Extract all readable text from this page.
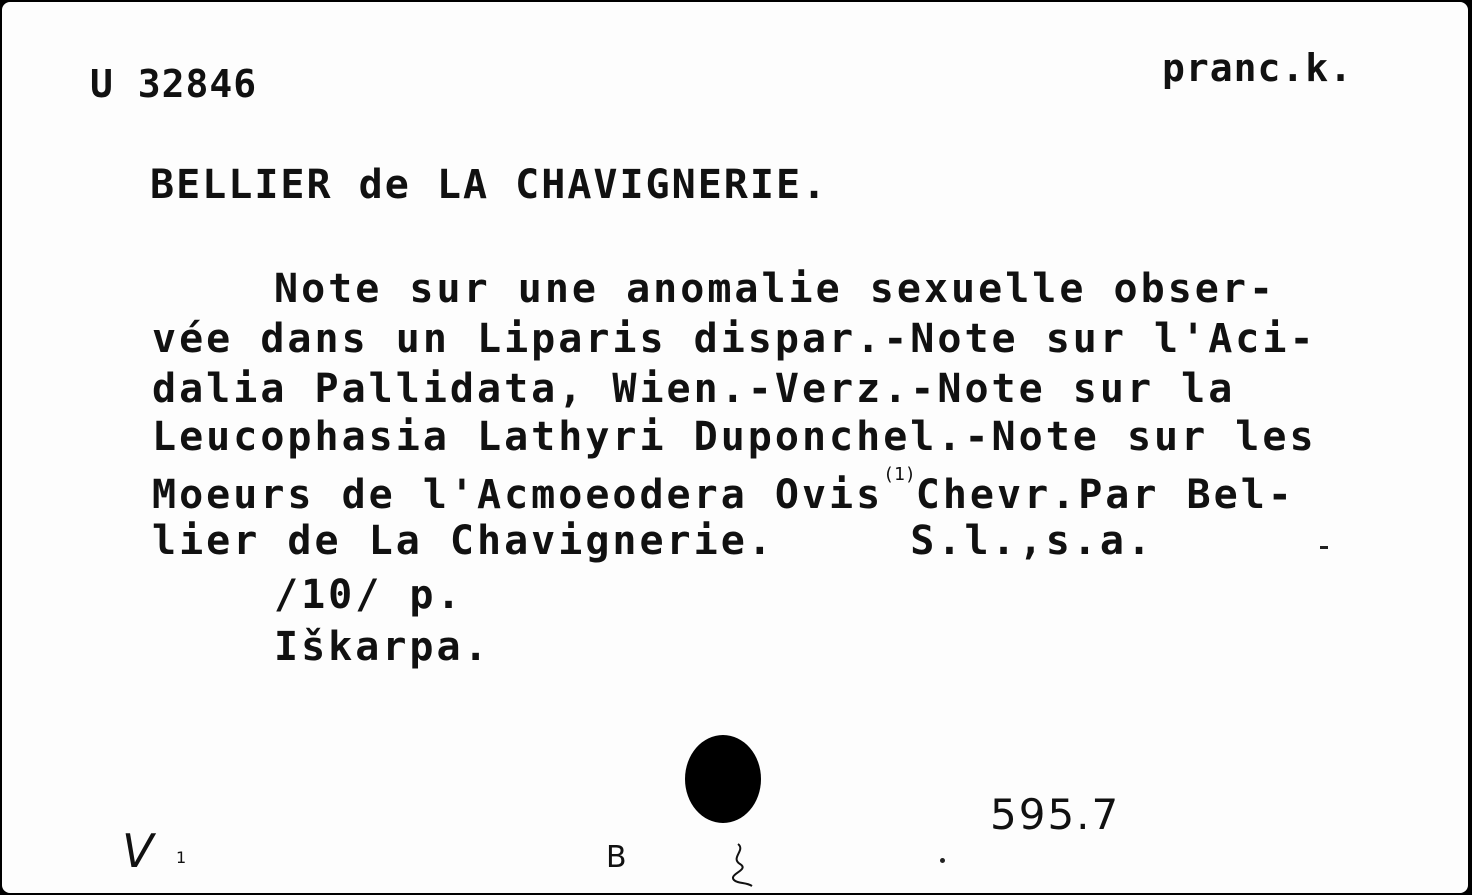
U 32846	pranc.k.
BELLIER de LA CHAVIGNERIE.
Note sur une anomalie sexuelle obser-
vée dans un Liparis dispar.-Note sur l'Aci-
dalia Pallidata, Wien.-Verz.-Note sur la
Leucophasia Lathyri Duponchel.-Note sur les
Moeurs de l'Acmoeodera Ovis$^{(1)}$Chevr.Par Bel-
lier de La Chavignerie.     S.l.,s.a.
/10/ p.
Iškarpa.
595.7
V 1	B
